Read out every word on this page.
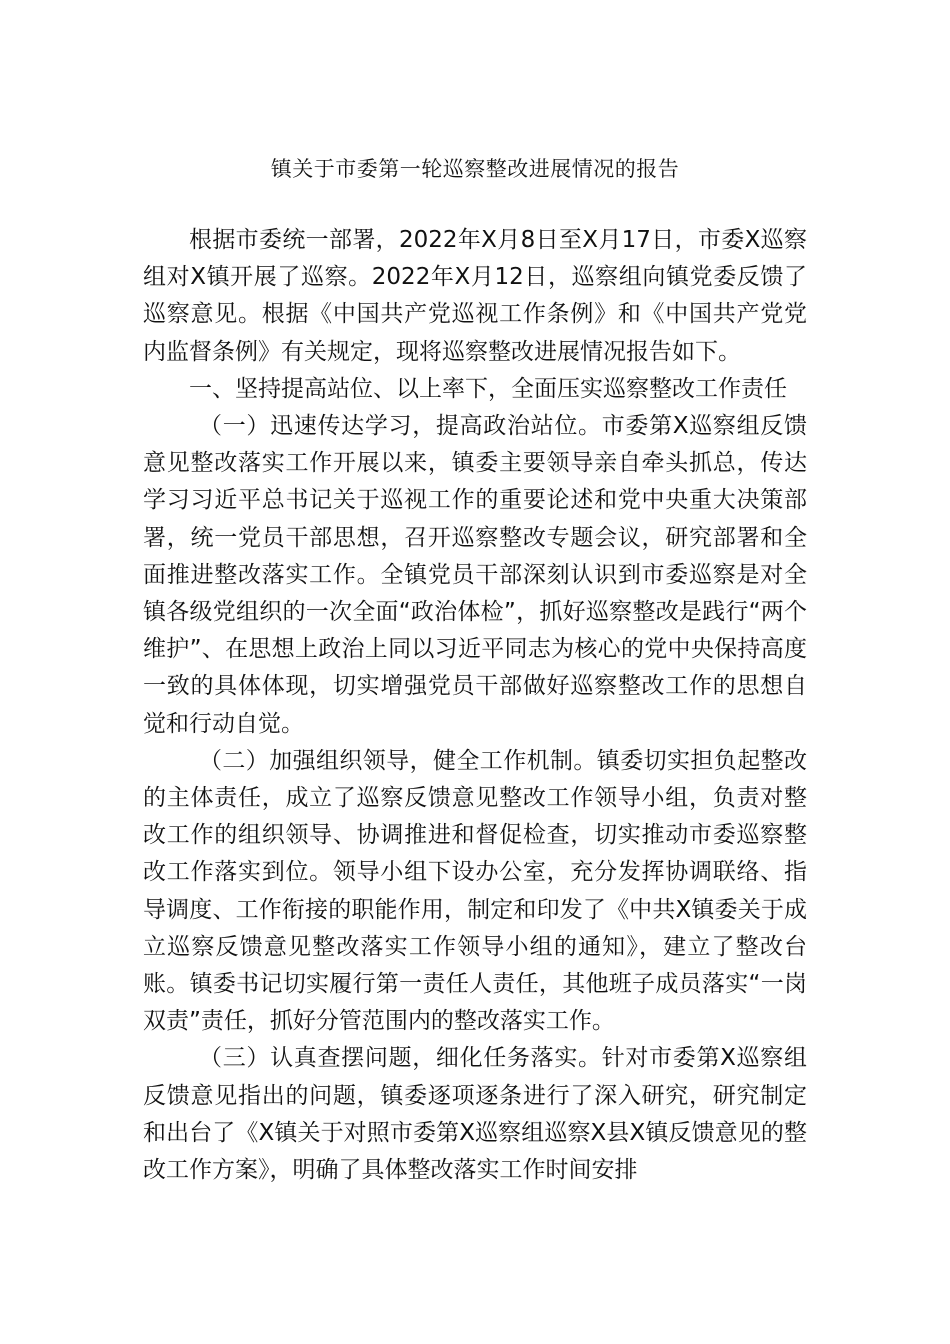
镇关于市委第一轮巡察整改进展情况的报告

根据市委统一部署，2022年X月8日至X月17日，市委X巡察组对X镇开展了巡察。2022年X月12日，巡察组向镇党委反馈了巡察意见。根据《中国共产党巡视工作条例》和《中国共产党党内监督条例》有关规定，现将巡察整改进展情况报告如下。

一、坚持提高站位、以上率下，全面压实巡察整改工作责任

（一）迅速传达学习，提高政治站位。市委第X巡察组反馈意见整改落实工作开展以来，镇委主要领导亲自牵头抓总，传达学习习近平总书记关于巡视工作的重要论述和党中央重大决策部署，统一党员干部思想，召开巡察整改专题会议，研究部署和全面推进整改落实工作。全镇党员干部深刻认识到市委巡察是对全镇各级党组织的一次全面“政治体检”，抓好巡察整改是践行“两个维护”、在思想上政治上同以习近平同志为核心的党中央保持高度一致的具体体现，切实增强党员干部做好巡察整改工作的思想自觉和行动自觉。

（二）加强组织领导，健全工作机制。镇委切实担负起整改的主体责任，成立了巡察反馈意见整改工作领导小组，负责对整改工作的组织领导、协调推进和督促检查，切实推动市委巡察整改工作落实到位。领导小组下设办公室，充分发挥协调联络、指导调度、工作衔接的职能作用，制定和印发了《中共X镇委关于成立巡察反馈意见整改落实工作领导小组的通知》，建立了整改台账。镇委书记切实履行第一责任人责任，其他班子成员落实“一岗双责”责任，抓好分管范围内的整改落实工作。

（三）认真查摆问题，细化任务落实。针对市委第X巡察组反馈意见指出的问题，镇委逐项逐条进行了深入研究，研究制定和出台了《X镇关于对照市委第X巡察组巡察X县X镇反馈意见的整改工作方案》，明确了具体整改落实工作时间安排
